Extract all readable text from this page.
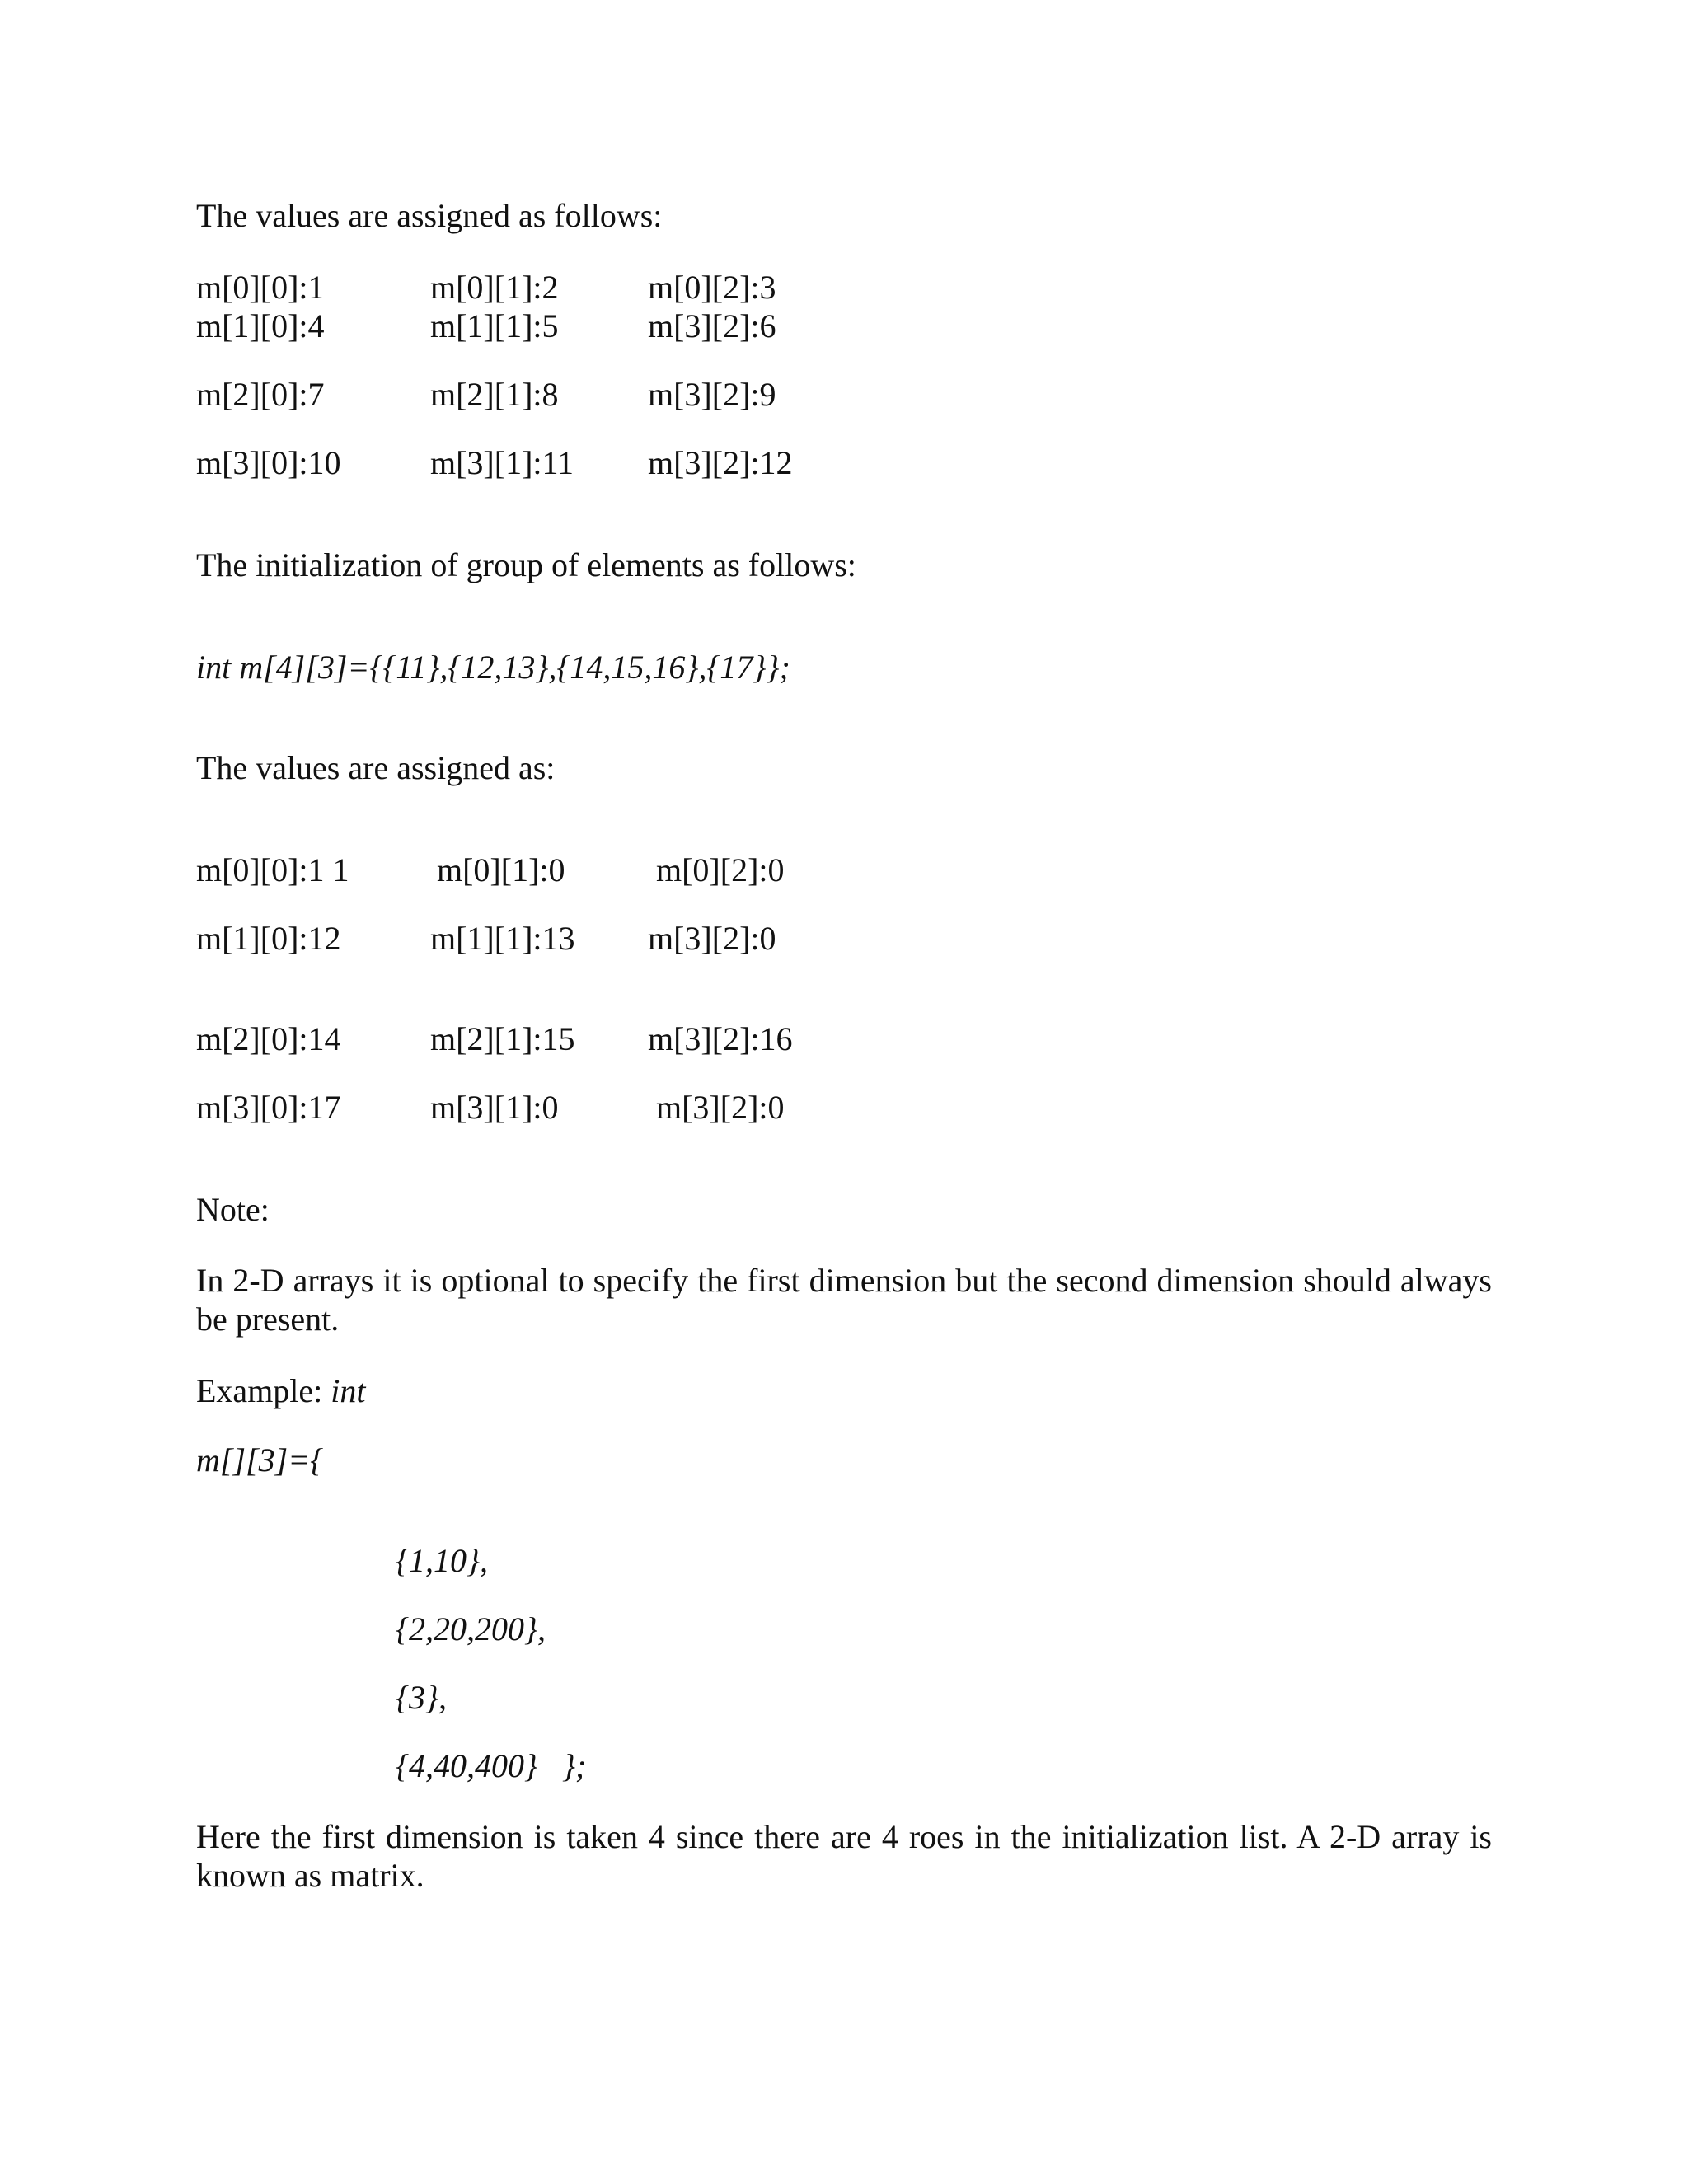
The values are assigned as follows:
m[0][0]:1	m[0][1]:2	m[0][2]:3
m[1][0]:4	m[1][1]:5	m[3][2]:6
m[2][0]:7	m[2][1]:8	m[3][2]:9
m[3][0]:10	m[3][1]:11 m[3][2]:12
The initialization of group of elements as follows:
int m[4][3]={{11},{12,13},{14,15,16},{17}};
The values are assigned as:
m[0][0]:1 1	m[0][1]:0	m[0][2]:0
m[1][0]:12	m[1][1]:13 m[3][2]:0
m[2][0]:14	m[2][1]:15 m[3][2]:16
m[3][0]:17	m[3][1]:0	m[3][2]:0
Note:
In 2-D arrays it is optional to specify the first dimension but the second dimension should always be present.
Example: int
m[][3]={
{1,10},
{2,20,200},
{3},
{4,40,400}   };
Here the first dimension is taken 4 since there are 4 roes in the initialization list. A 2-D array is known as matrix.
